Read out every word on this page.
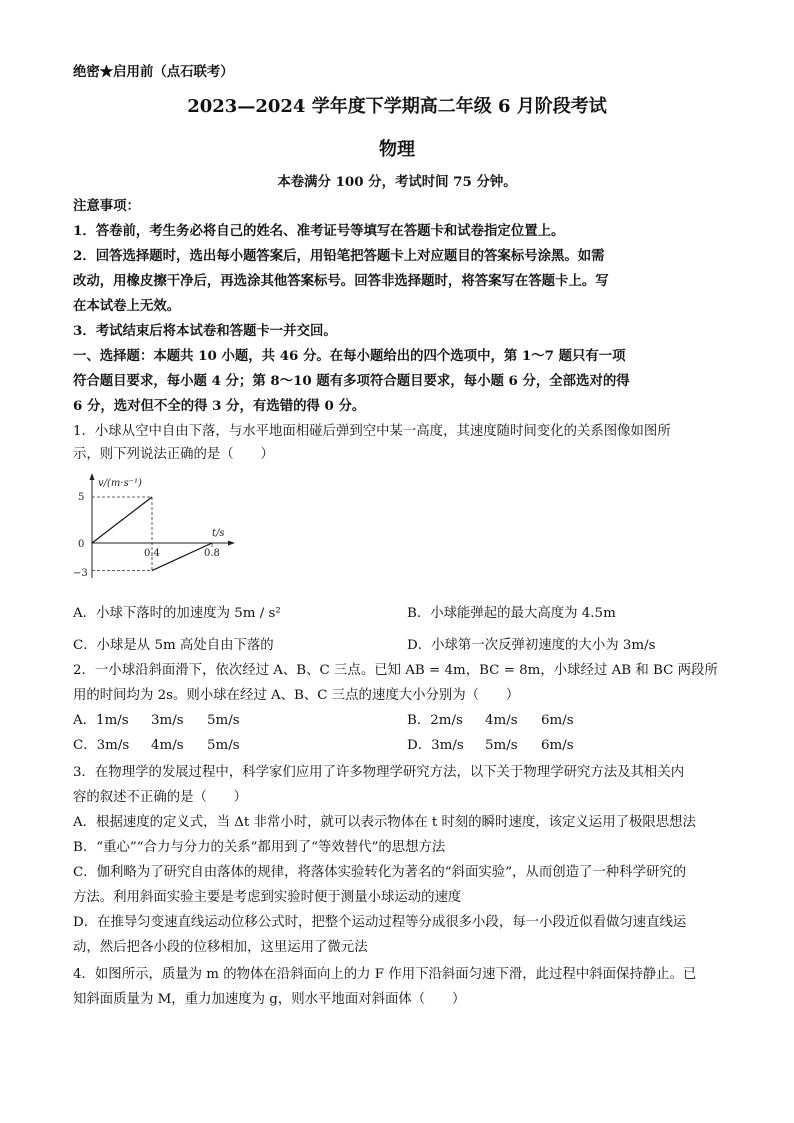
绝密★启用前（点石联考）
2023—2024 学年度下学期高二年级 6 月阶段考试
物理
本卷满分 100 分，考试时间 75 分钟。
注意事项：
1．答卷前，考生务必将自己的姓名、准考证号等填写在答题卡和试卷指定位置上。
2．回答选择题时，选出每小题答案后，用铅笔把答题卡上对应题目的答案标号涂黑。如需
改动，用橡皮擦干净后，再选涂其他答案标号。回答非选择题时，将答案写在答题卡上。写
在本试卷上无效。
3．考试结束后将本试卷和答题卡一并交回。
一、选择题：本题共 10 小题，共 46 分。在每小题给出的四个选项中，第 1～7 题只有一项
符合题目要求，每小题 4 分；第 8～10 题有多项符合题目要求，每小题 6 分，全部选对的得
6 分，选对但不全的得 3 分，有选错的得 0 分。
1．小球从空中自由下落，与水平地面相碰后弹到空中某一高度，其速度随时间变化的关系图像如图所
示，则下列说法正确的是（　　）
v/(m·s⁻¹)
t/s
5
0
−3
0.4	0.8
A．小球下落时的加速度为 5m / s²	B．小球能弹起的最大高度为 4.5m
C．小球是从 5m 高处自由下落的	D．小球第一次反弹初速度的大小为 3m/s
2．一小球沿斜面滑下，依次经过 A、B、C 三点。已知 AB = 4m，BC = 8m，小球经过 AB 和 BC 两段所
用的时间均为 2s。则小球在经过 A、B、C 三点的速度大小分别为（　　）
A．1m/s 3m/s 5m/s	B．2m/s 4m/s 6m/s
C．3m/s 4m/s 5m/s	D．3m/s 5m/s 6m/s
3．在物理学的发展过程中，科学家们应用了许多物理学研究方法，以下关于物理学研究方法及其相关内
容的叙述不正确的是（　　）
A．根据速度的定义式，当 Δt 非常小时，就可以表示物体在 t 时刻的瞬时速度，该定义运用了极限思想法
B．“重心”“合力与分力的关系”都用到了“等效替代”的思想方法
C．伽利略为了研究自由落体的规律，将落体实验转化为著名的“斜面实验”，从而创造了一种科学研究的
方法。利用斜面实验主要是考虑到实验时便于测量小球运动的速度
D．在推导匀变速直线运动位移公式时，把整个运动过程等分成很多小段，每一小段近似看做匀速直线运
动，然后把各小段的位移相加，这里运用了微元法
4．如图所示，质量为 m 的物体在沿斜面向上的力 F 作用下沿斜面匀速下滑，此过程中斜面保持静止。已
知斜面质量为 M，重力加速度为 g，则水平地面对斜面体（　　）
